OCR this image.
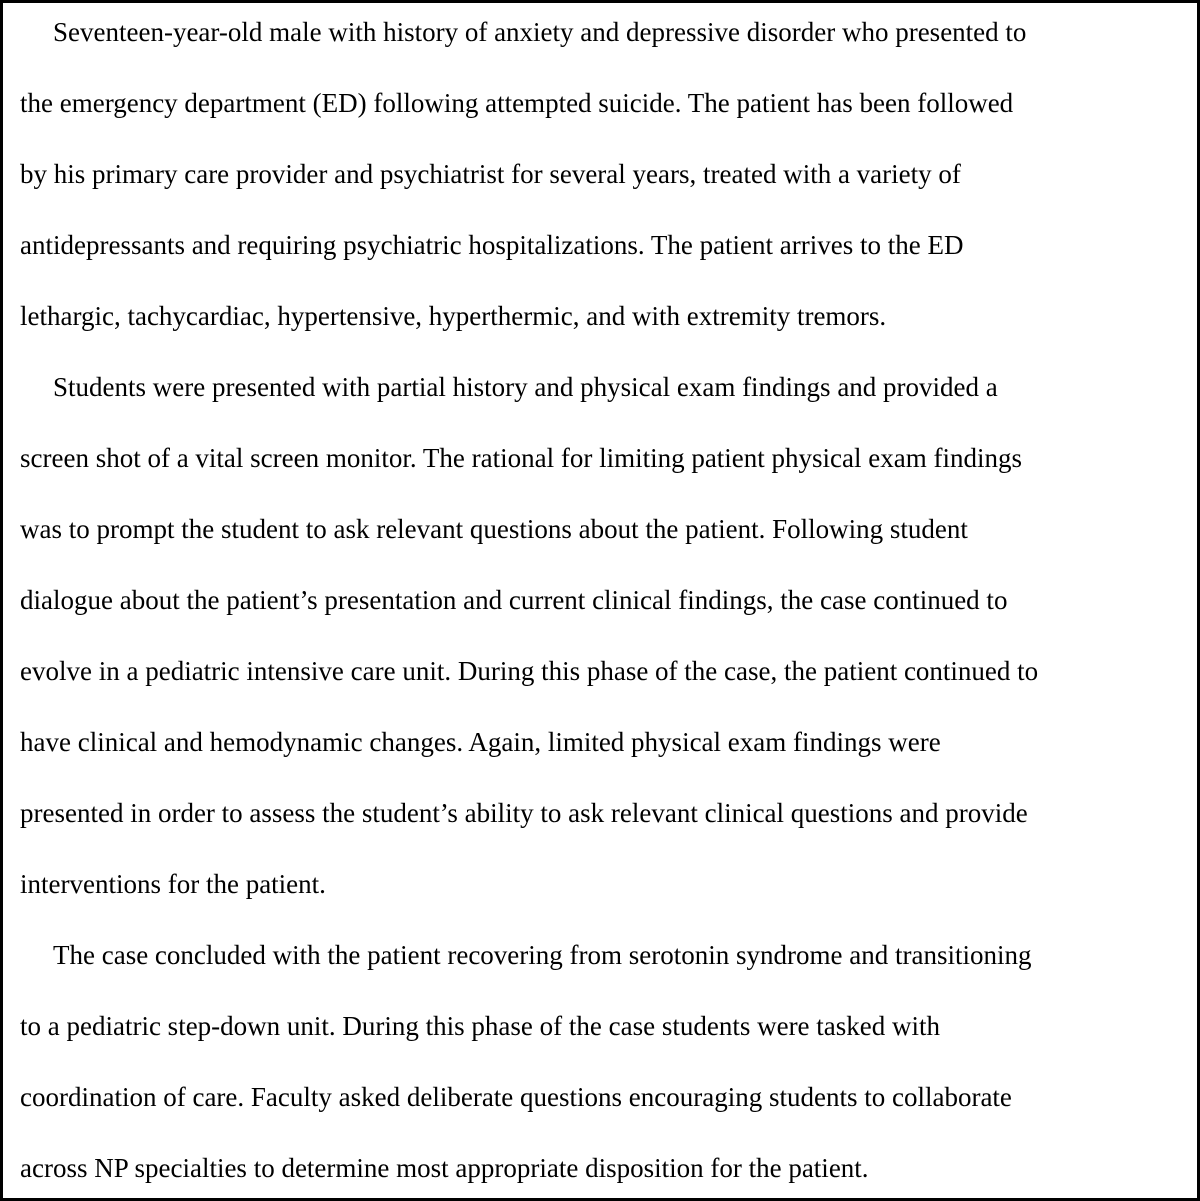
Seventeen-year-old male with history of anxiety and depressive disorder who presented to

the emergency department (ED) following attempted suicide. The patient has been followed

by his primary care provider and psychiatrist for several years, treated with a variety of

antidepressants and requiring psychiatric hospitalizations. The patient arrives to the ED

lethargic, tachycardiac, hypertensive, hyperthermic, and with extremity tremors.

Students were presented with partial history and physical exam findings and provided a

screen shot of a vital screen monitor. The rational for limiting patient physical exam findings

was to prompt the student to ask relevant questions about the patient. Following student

dialogue about the patient’s presentation and current clinical findings, the case continued to

evolve in a pediatric intensive care unit. During this phase of the case, the patient continued to

have clinical and hemodynamic changes. Again, limited physical exam findings were

presented in order to assess the student’s ability to ask relevant clinical questions and provide

interventions for the patient.

The case concluded with the patient recovering from serotonin syndrome and transitioning

to a pediatric step-down unit. During this phase of the case students were tasked with

coordination of care. Faculty asked deliberate questions encouraging students to collaborate

across NP specialties to determine most appropriate disposition for the patient.
